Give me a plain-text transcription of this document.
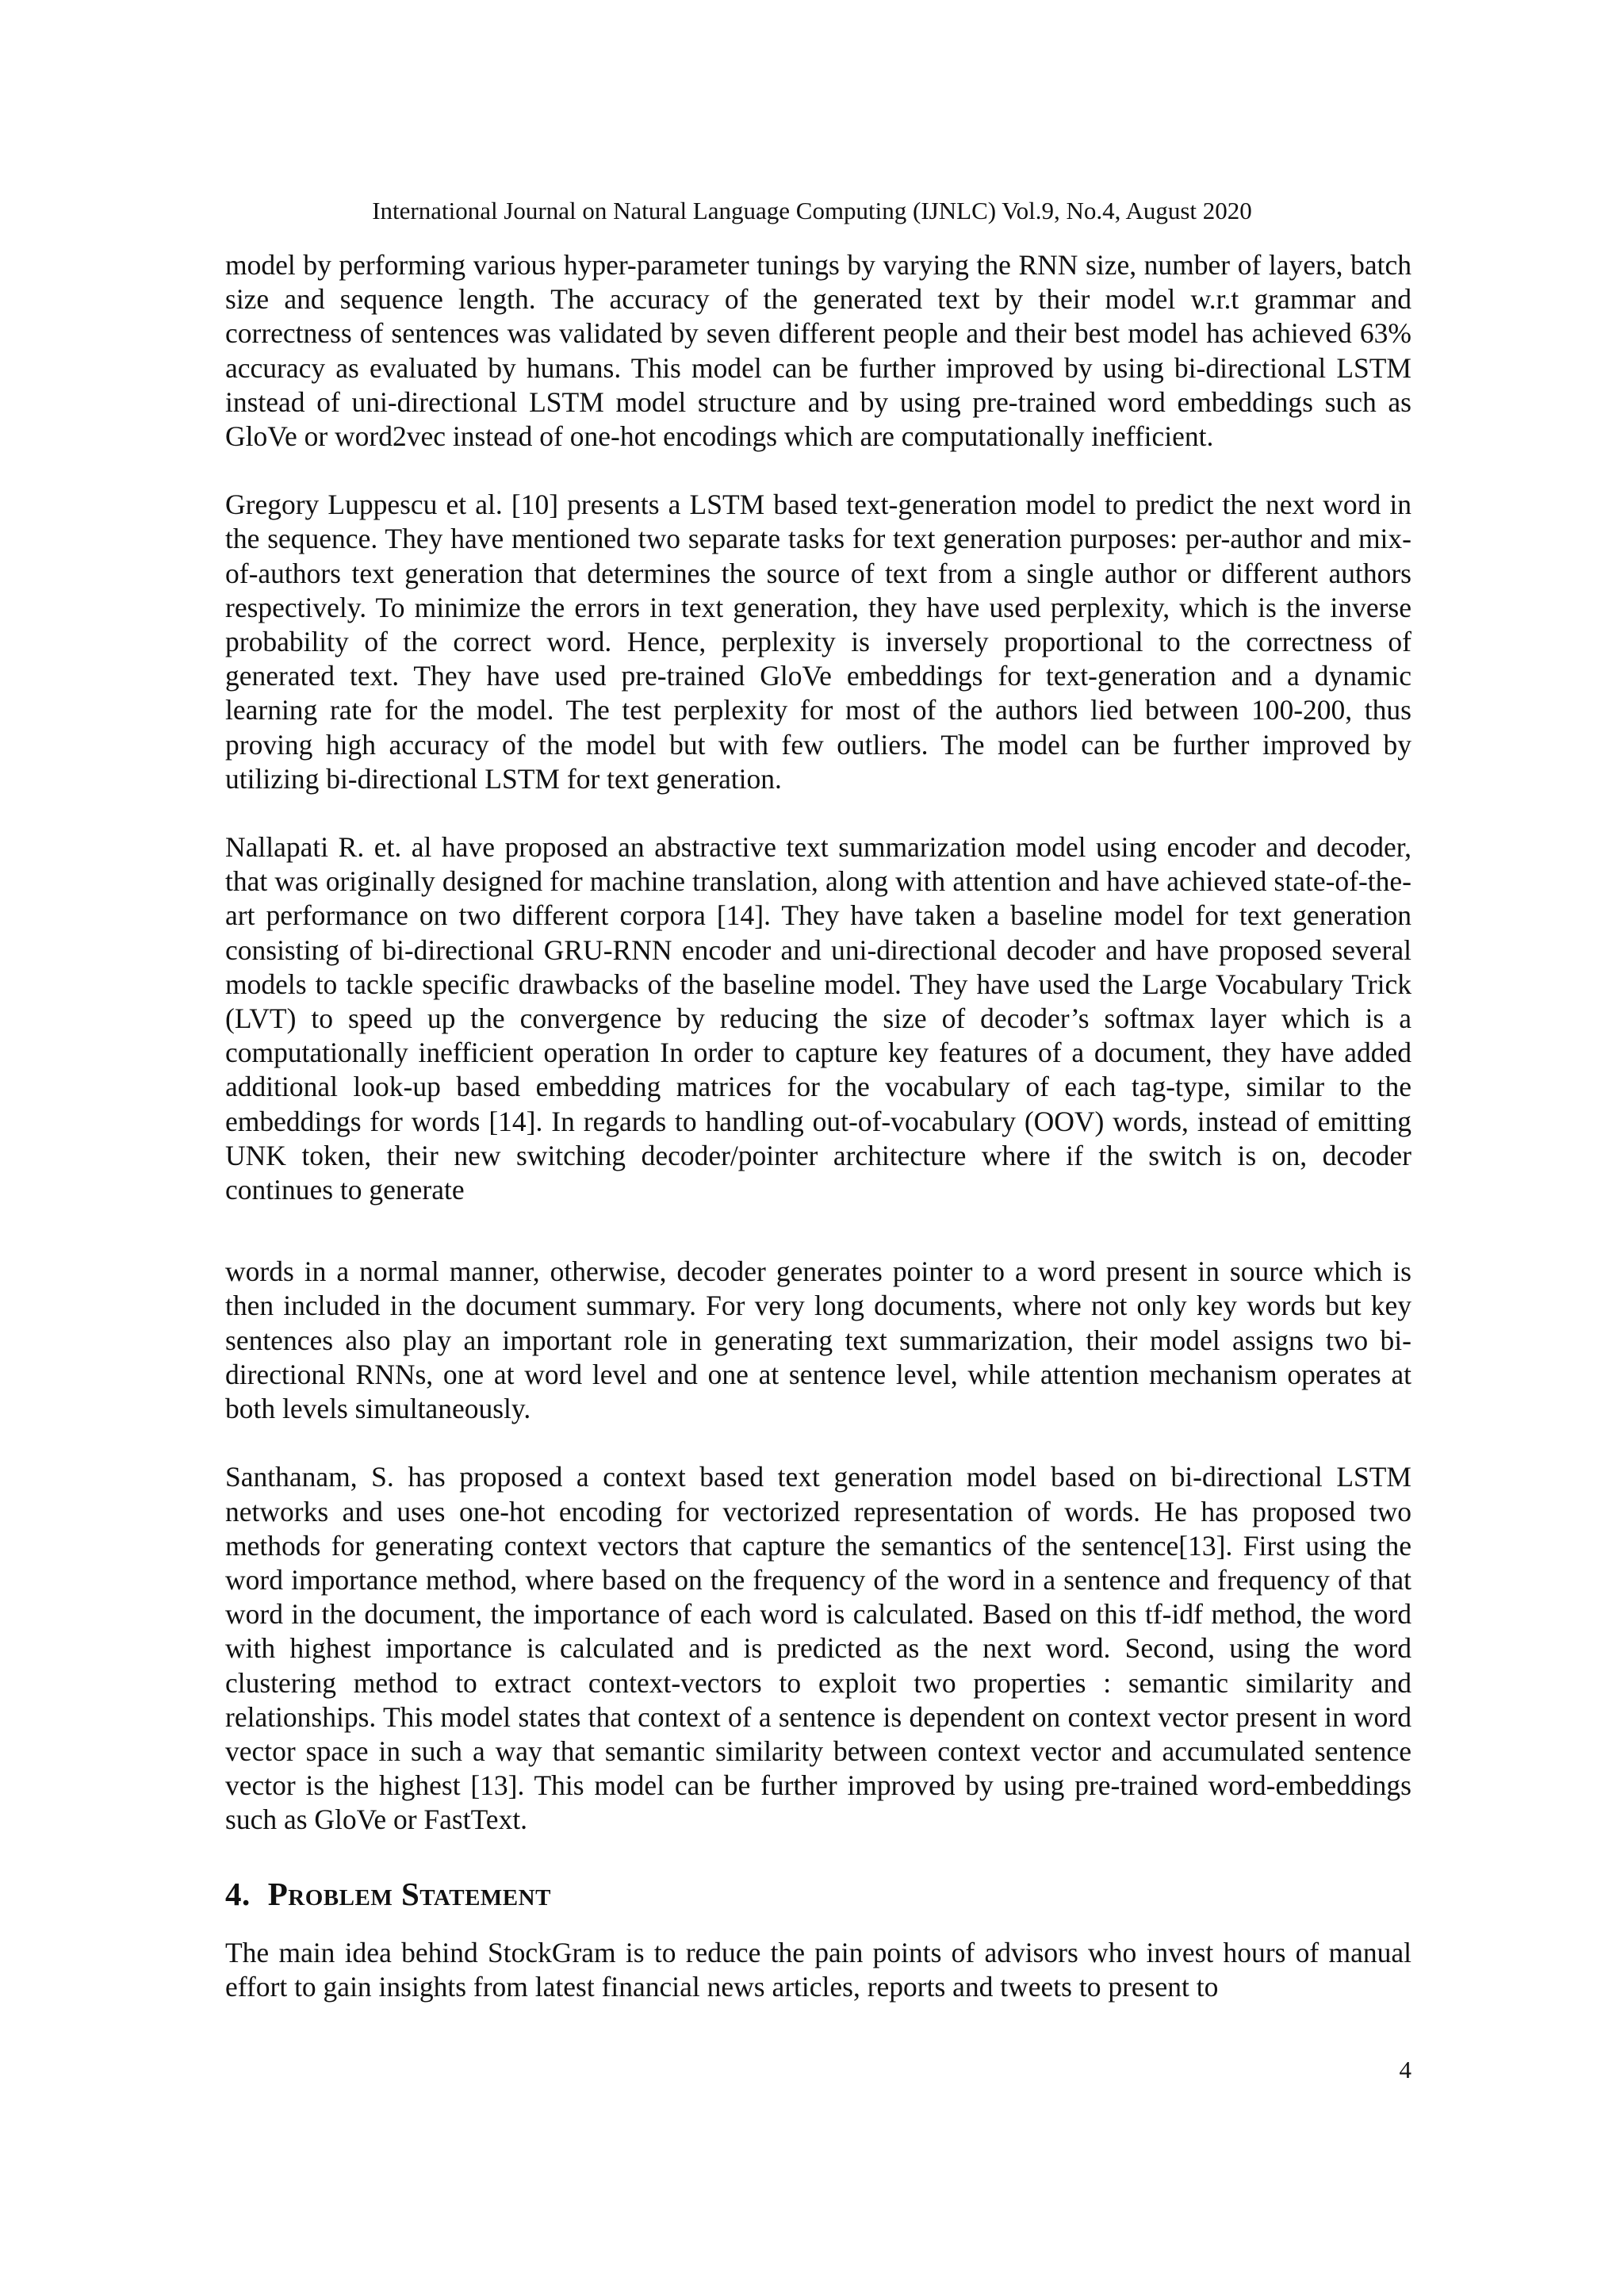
International Journal on Natural Language Computing (IJNLC) Vol.9, No.4, August 2020

model by performing various hyper-parameter tunings by varying the RNN size, number of layers, batch size and sequence length. The accuracy of the generated text by their model w.r.t grammar and correctness of sentences was validated by seven different people and their best model has achieved 63% accuracy as evaluated by humans. This model can be further improved by using bi-directional LSTM instead of uni-directional LSTM model structure and by using pre-trained word embeddings such as GloVe or word2vec instead of one-hot encodings which are computationally inefficient.

Gregory Luppescu et al. [10] presents a LSTM based text-generation model to predict the next word in the sequence. They have mentioned two separate tasks for text generation purposes: per-author and mix-of-authors text generation that determines the source of text from a single author or different authors respectively. To minimize the errors in text generation, they have used perplexity, which is the inverse probability of the correct word. Hence, perplexity is inversely proportional to the correctness of generated text. They have used pre-trained GloVe embeddings for text-generation and a dynamic learning rate for the model. The test perplexity for most of the authors lied between 100-200, thus proving high accuracy of the model but with few outliers. The model can be further improved by utilizing bi-directional LSTM for text generation.

Nallapati R. et. al have proposed an abstractive text summarization model using encoder and decoder, that was originally designed for machine translation, along with attention and have achieved state-of-the-art performance on two different corpora [14]. They have taken a baseline model for text generation consisting of bi-directional GRU-RNN encoder and uni-directional decoder and have proposed several models to tackle specific drawbacks of the baseline model. They have used the Large Vocabulary Trick (LVT) to speed up the convergence by reducing the size of decoder’s softmax layer which is a computationally inefficient operation In order to capture key features of a document, they have added additional look-up based embedding matrices for the vocabulary of each tag-type, similar to the embeddings for words [14]. In regards to handling out-of-vocabulary (OOV) words, instead of emitting UNK token, their new switching decoder/pointer architecture where if the switch is on, decoder continues to generate

words in a normal manner, otherwise, decoder generates pointer to a word present in source which is then included in the document summary. For very long documents, where not only key words but key sentences also play an important role in generating text summarization, their model assigns two bi-directional RNNs, one at word level and one at sentence level, while attention mechanism operates at both levels simultaneously.

Santhanam, S. has proposed a context based text generation model based on bi-directional LSTM networks and uses one-hot encoding for vectorized representation of words. He has proposed two methods for generating context vectors that capture the semantics of the sentence[13]. First using the word importance method, where based on the frequency of the word in a sentence and frequency of that word in the document, the importance of each word is calculated. Based on this tf-idf method, the word with highest importance is calculated and is predicted as the next word. Second, using the word clustering method to extract context-vectors to exploit two properties : semantic similarity and relationships. This model states that context of a sentence is dependent on context vector present in word vector space in such a way that semantic similarity between context vector and accumulated sentence vector is the highest [13]. This model can be further improved by using pre-trained word-embeddings such as GloVe or FastText.

4. Problem Statement

The main idea behind StockGram is to reduce the pain points of advisors who invest hours of manual effort to gain insights from latest financial news articles, reports and tweets to present to

4
